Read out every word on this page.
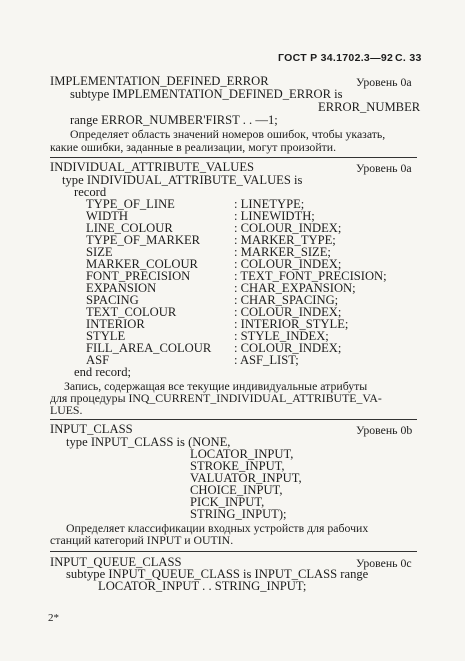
ГОСТ Р 34.1702.3—92 С. 33
IMPLEMENTATION_DEFINED_ERROR	Уровень 0a
subtype IMPLEMENTATION_DEFINED_ERROR is
ERROR_NUMBER
range ERROR_NUMBER'FIRST . . —1;
Определяет область значений номеров ошибок, чтобы указать,
какие ошибки, заданные в реализации, могут произойти.
INDIVIDUAL_ATTRIBUTE_VALUES	Уровень 0a
type INDIVIDUAL_ATTRIBUTE_VALUES is
record
TYPE_OF_LINE	: LINETYPE;
WIDTH	: LINEWIDTH;
LINE_COLOUR	: COLOUR_INDEX;
TYPE_OF_MARKER	: MARKER_TYPE;
SIZE	: MARKER_SIZE;
MARKER_COLOUR	: COLOUR_INDEX;
FONT_PRECISION	: TEXT_FONT_PRECISION;
EXPANSION	: CHAR_EXPANSION;
SPACING	: CHAR_SPACING;
TEXT_COLOUR	: COLOUR_INDEX;
INTERIOR	: INTERIOR_STYLE;
STYLE	: STYLE_INDEX;
FILL_AREA_COLOUR : COLOUR_INDEX;
ASF	: ASF_LIST;
end record;
Запись, содержащая все текущие индивидуальные атрибуты
для процедуры INQ_CURRENT_INDIVIDUAL_ATTRIBUTE_VA-
LUES.
INPUT_CLASS	Уровень 0b
type INPUT_CLASS is (NONE,
LOCATOR_INPUT,
STROKE_INPUT,
VALUATOR_INPUT,
CHOICE_INPUT,
PICK_INPUT,
STRING_INPUT);
Определяет классификации входных устройств для рабочих
станций категорий INPUT и OUTIN.
INPUT_QUEUE_CLASS	Уровень 0c
subtype INPUT_QUEUE_CLASS is INPUT_CLASS range
LOCATOR_INPUT . . STRING_INPUT;
2*
